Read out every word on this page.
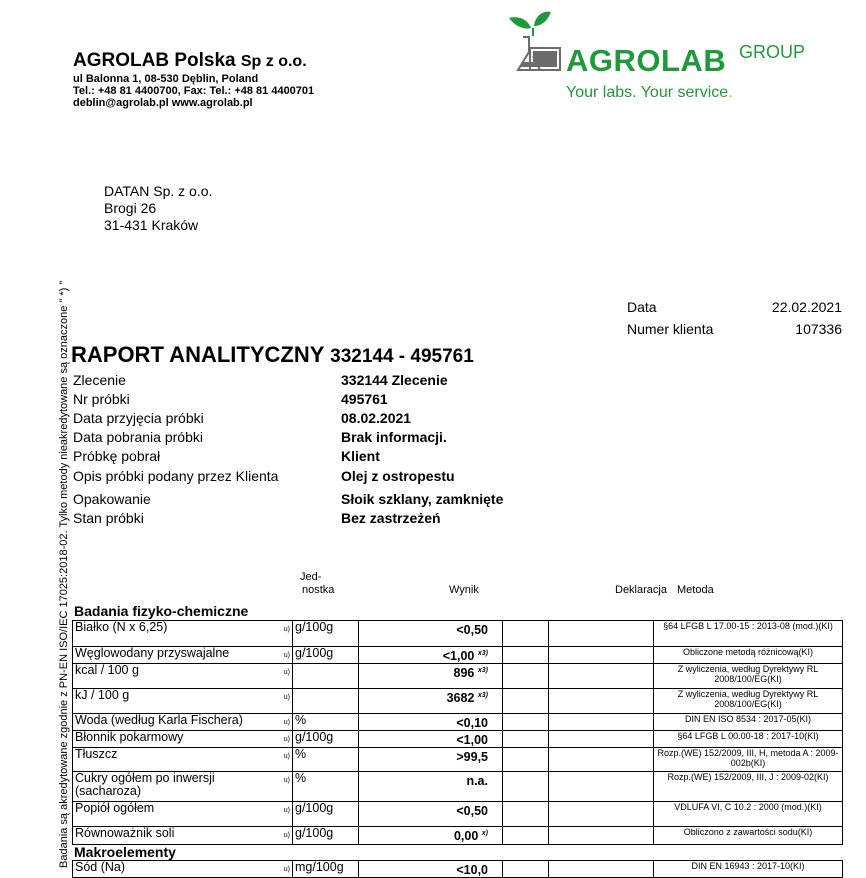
AGROLAB Polska Sp z o.o.
ul Balonna 1, 08-530 Dęblin, Poland
Tel.: +48 81 4400700, Fax: Tel.: +48 81 4400701
deblin@agrolab.pl www.agrolab.pl
AGROLAB GROUP
Your labs. Your service.
DATAN Sp. z o.o.
Brogi 26
31-431 Kraków
Badania są akredytowane zgodnie z PN-EN ISO/IEC 17025:2018-02. Tylko metody nieakredytowane są oznaczone " *) "	Data	22.02.2021
Numer klienta	107336
RAPORT ANALITYCZNY 332144 - 495761
Zlecenie	332144 Zlecenie
Nr próbki	495761
Data przyjęcia próbki	08.02.2021
Data pobrania próbki	Brak informacji.
Próbkę pobrał	Klient
Opis próbki podany przez Klienta	Olej z ostropestu
Opakowanie	Słoik szklany, zamknięte
Stan próbki	Bez zastrzeżeń
Jed-
nostka	Wynik	Deklaracja Metoda
Badania fizyko-chemiczne
Białko (N x 6,25)	u)	g/100g	<0,50			§64 LFGB L 17.00-15 : 2013-08 (mod.)(KI)
Węglowodany przyswajalne	u)	g/100g	<1,00 $^{x3)}$			Obliczone metodą różnicową(KI)
kcal / 100 g	u)		896 $^{x3)}$			Z wyliczenia, według Dyrektywy RL 2008/100/EG(KI)
kJ / 100 g	u)		3682 $^{x3)}$			Z wyliczenia, według Dyrektywy RL 2008/100/EG(KI)
Woda (według Karla Fischera)	u)	%	<0,10			DIN EN ISO 8534 : 2017-05(KI)
Błonnik pokarmowy	u)	g/100g	<1,00			§64 LFGB L 00.00-18 : 2017-10(KI)
Tłuszcz	u)	%	>99,5			Rozp.(WE) 152/2009, III, H, metoda A : 2009-002b(KI)
Cukry ogółem po inwersji (sacharoza)	u)	%	n.a.			Rozp.(WE) 152/2009, III, J : 2009-02(KI)
Popiół ogółem	u)	g/100g	<0,50			VDLUFA VI, C 10.2 : 2000 (mod.)(KI)
Równoważnik soli	u)	g/100g	0,00 $^{x)}$			Obliczono z zawartości sodu(KI)
Makroelementy
Sód (Na)	u)	mg/100g	<10,0			DIN EN 16943 : 2017-10(KI)
